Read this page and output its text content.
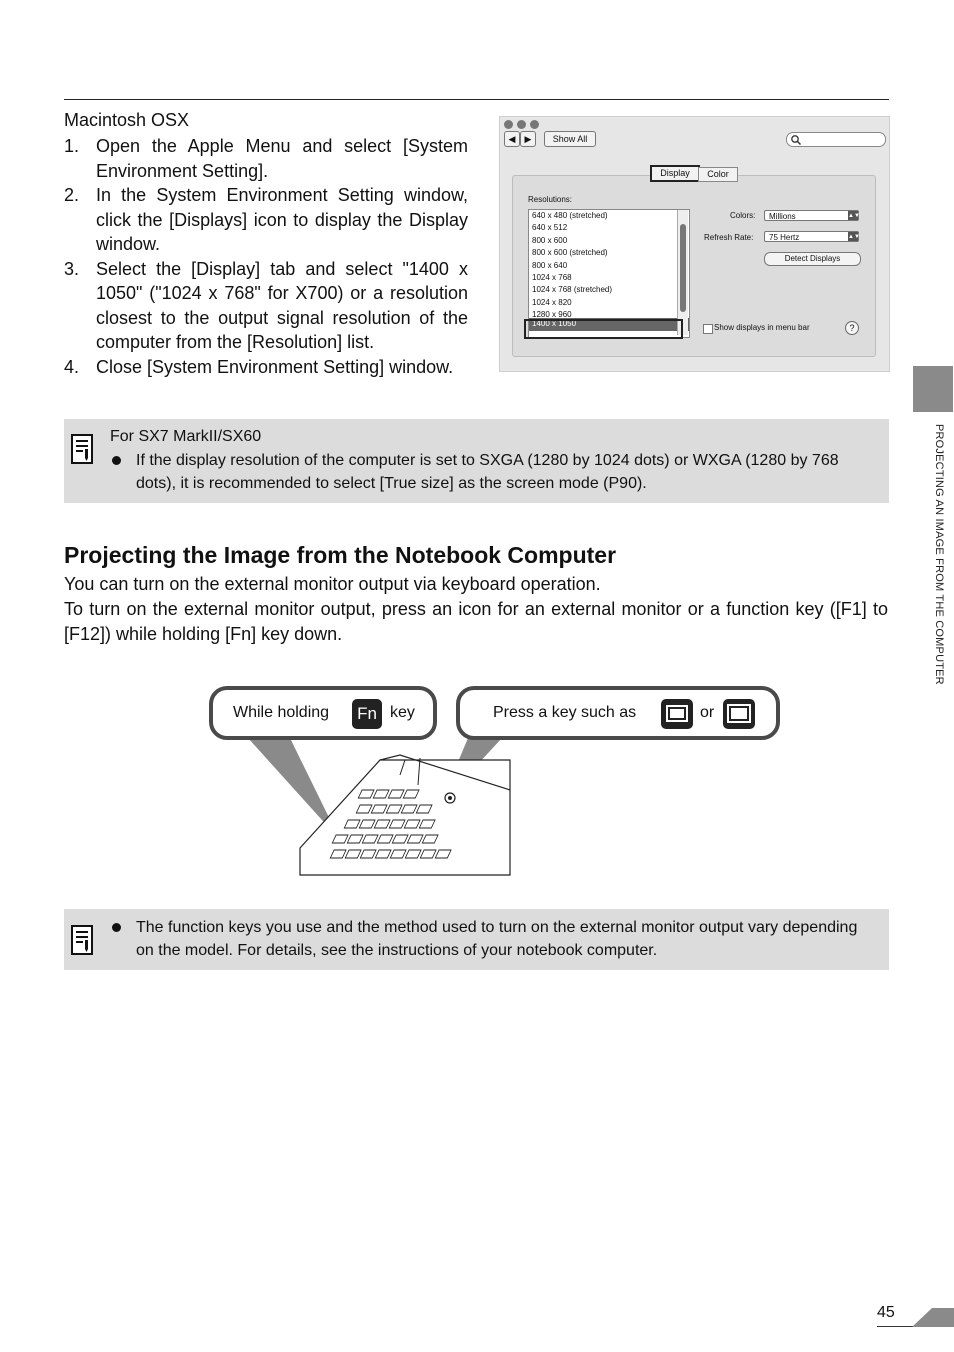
Macintosh OSX
1. Open the Apple Menu and select [System Environment Setting].
2. In the System Environment Setting window, click the [Displays] icon to display the Display window.
3. Select the [Display] tab and select "1400 x 1050" ("1024 x 768" for X700) or a resolution closest to the output signal resolution of the computer from the [Resolution] list.
4. Close [System Environment Setting] window.
◀	▶	Show All
Display	Color
Resolutions:
640 x 480 (stretched)
640 x 512
800 x 600
800 x 600 (stretched)
800 x 640
1024 x 768
1024 x 768 (stretched)
1024 x 820
1280 x 960
1400 x 1050
Colors:	Millions	▲▼
Refresh Rate:	75 Hertz	▲▼
Detect Displays
Show displays in menu bar	?
For SX7 MarkII/SX60
If the display resolution of the computer is set to SXGA (1280 by 1024 dots) or WXGA (1280 by 768 dots), it is recommended to select [True size] as the screen mode (P90).
Projecting the Image from the Notebook Computer
You can turn on the external monitor output via keyboard operation.
To turn on the external monitor output, press an icon for an external monitor or a function key ([F1] to [F12]) while holding [Fn] key down.
While holding Fn key	Press a key such as	or
The function keys you use and the method used to turn on the external monitor output vary depending on the model. For details, see the instructions of your notebook computer.
PROJECTING AN IMAGE FROM THE COMPUTER
45
